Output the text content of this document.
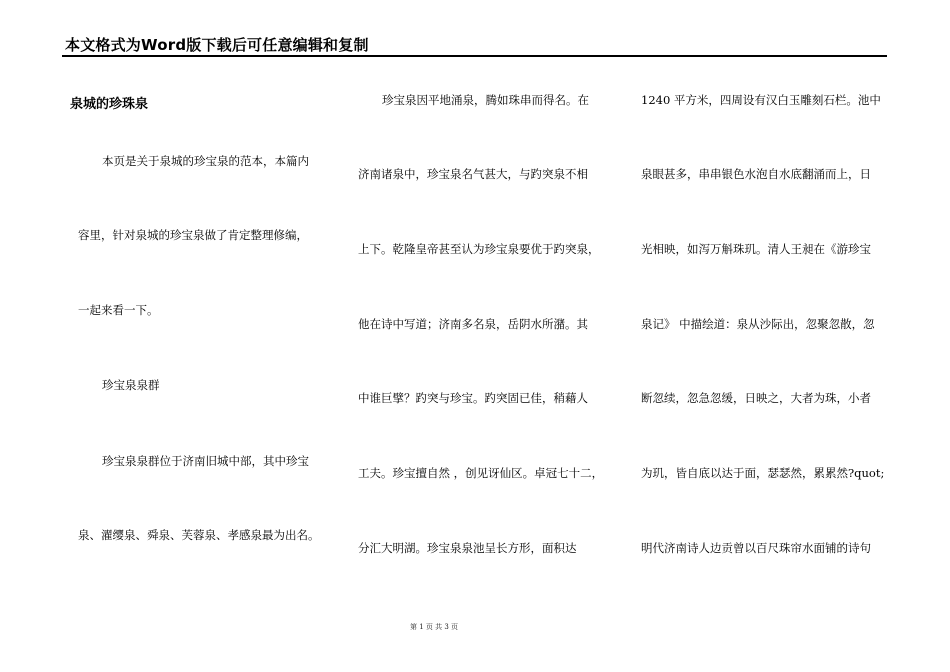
本文格式为Word版下载后可任意编辑和复制
泉城的珍珠泉
本页是关于泉城的珍宝泉的范本，本篇内
容里，针对泉城的珍宝泉做了肯定整理修编，
一起来看一下。
珍宝泉泉群
珍宝泉泉群位于济南旧城中部，其中珍宝
泉、濯缨泉、舜泉、芙蓉泉、孝感泉最为出名。
珍宝泉因平地涌泉，腾如珠串而得名。在
济南诸泉中，珍宝泉名气甚大，与趵突泉不相
上下。乾隆皇帝甚至认为珍宝泉要优于趵突泉，
他在诗中写道；济南多名泉，岳阴水所潴。其
中谁巨擘？趵突与珍宝。趵突固已佳，稍藉人
工夫。珍宝擅自然 ，创见讶仙区。卓冠七十二，
分汇大明湖。珍宝泉泉池呈长方形，面积达
1240 平方米，四周设有汉白玉雕刻石栏。池中
泉眼甚多，串串银色水泡自水底翻涌而上，日
光相映，如泻万斛珠玑。清人王昶在《游珍宝
泉记》 中描绘道：泉从沙际出，忽聚忽散，忽
断忽续，忽急忽缓，日映之，大者为珠，小者
为玑，皆自底以达于面，瑟瑟然，累累然?quot;
明代济南诗人边贡曾以百尺珠帘水面铺的诗句
第 1 页 共 3 页
